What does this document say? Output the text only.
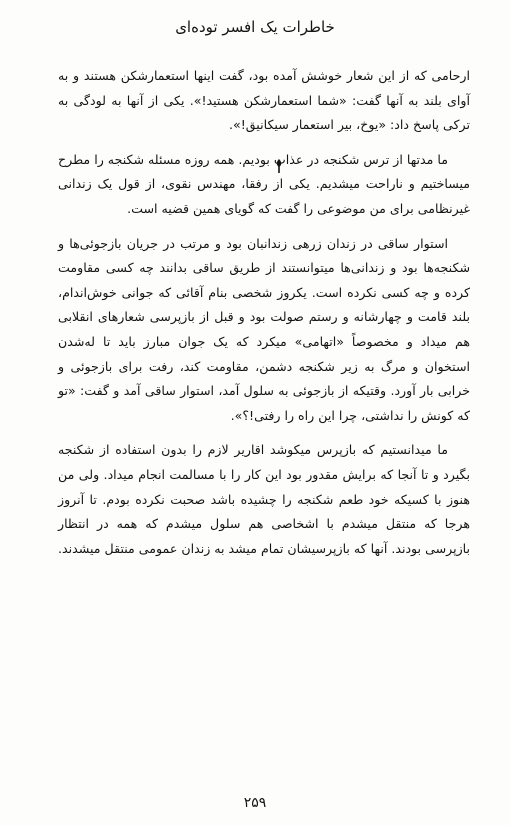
خاطرات یک افسر توده‌ای

ارحامی که از این شعار خوشش آمده بود، گفت اینها استعمارشکن هستند و به آوای بلند به آنها گفت: «شما استعمارشکن هستید!». یکی از آنها به لودگی به ترکی پاسخ داد: «یوخ، بیر استعمار سیکانیق!».

ما مدتها از ترس شکنجه در عذاب بودیم. همه روزه مسئله شکنجه را مطرح میساختیم و ناراحت میشدیم. یکی از رفقا، مهندس نقوی، از قول یک زندانی غیرنظامی برای من موضوعی را گفت که گویای همین قضیه است.

استوار ساقی در زندان زرهی زندانبان بود و مرتب در جریان بازجوئی‌ها و شکنجه‌ها بود و زندانی‌ها میتوانستند از طریق ساقی بدانند چه کسی مقاومت کرده و چه کسی نکرده است. یکروز شخصی بنام آقائی که جوانی خوش‌اندام، بلند قامت و چهارشانه و رستم صولت بود و قبل از بازپرسی شعارهای انقلابی هم میداد و مخصوصاً «اتهامی» میکرد که یک جوان مبارز باید تا له‌شدن استخوان و مرگ به زیر شکنجه دشمن، مقاومت کند، رفت برای بازجوئی و خرابی بار آورد. وقتیکه از بازجوئی به سلول آمد، استوار ساقی آمد و گفت: «تو که کونش را نداشتی، چرا این راه را رفتی!؟».

ما میدانستیم که بازپرس میکوشد اقاریر لازم را بدون استفاده از شکنجه بگیرد و تا آنجا که برایش مقدور بود این کار را با مسالمت انجام میداد. ولی من هنوز با کسیکه خود طعم شکنجه را چشیده باشد صحبت نکرده بودم. تا آنروز هرجا که منتقل میشدم با اشخاصی هم سلول میشدم که همه در انتظار بازپرسی بودند. آنها که بازپرسیشان تمام میشد به زندان عمومی منتقل میشدند.

۲۵۹
